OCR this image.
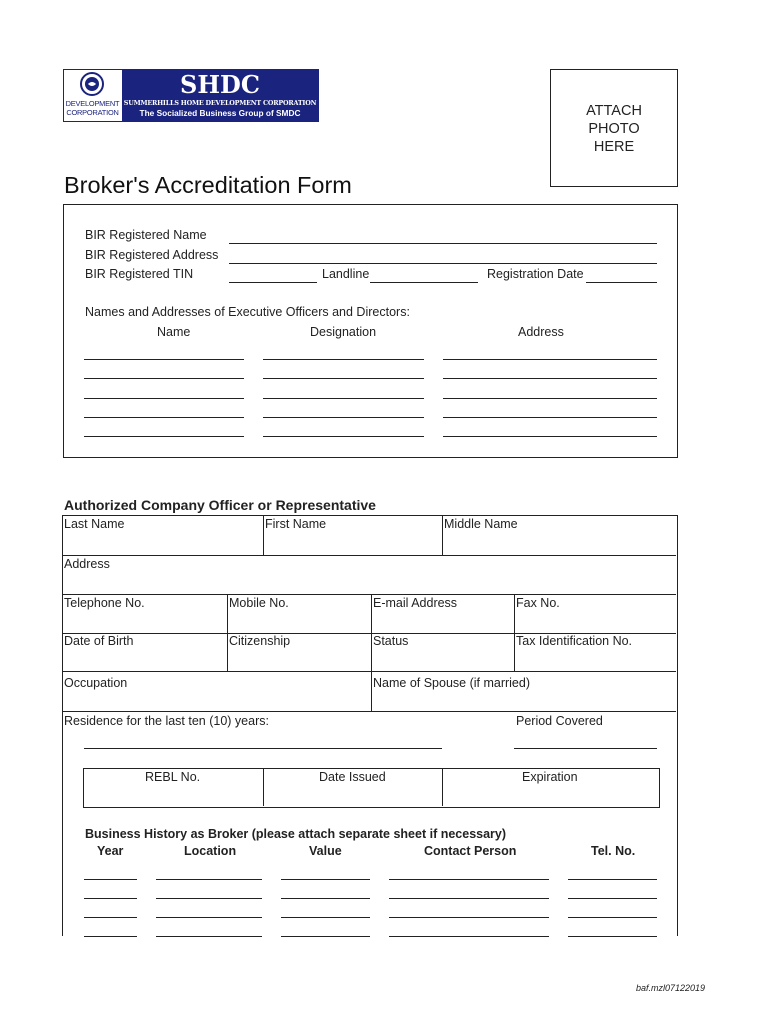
DEVELOPMENT CORPORATION
SHDC
SUMMERHILLS HOME DEVELOPMENT CORPORATION
The Socialized Business Group of SMDC	ATTACH
PHOTO
HERE
Broker's Accreditation Form
BIR Registered Name
BIR Registered Address
BIR Registered TIN	Landline	Registration Date
Names and Addresses of Executive Officers and Directors:
Name	Designation	Address
Authorized Company Officer or Representative
Last Name	First Name	Middle Name
Address
Telephone No.	Mobile No.	E-mail Address	Fax No.
Date of Birth	Citizenship	Status	Tax Identification No.
Occupation	Name of Spouse (if married)
Residence for the last ten (10) years:	Period Covered
REBL No.	Date Issued	Expiration
Business History as Broker (please attach separate sheet if necessary)
Year	Location	Value	Contact Person	Tel. No.
baf.mzl07122019
